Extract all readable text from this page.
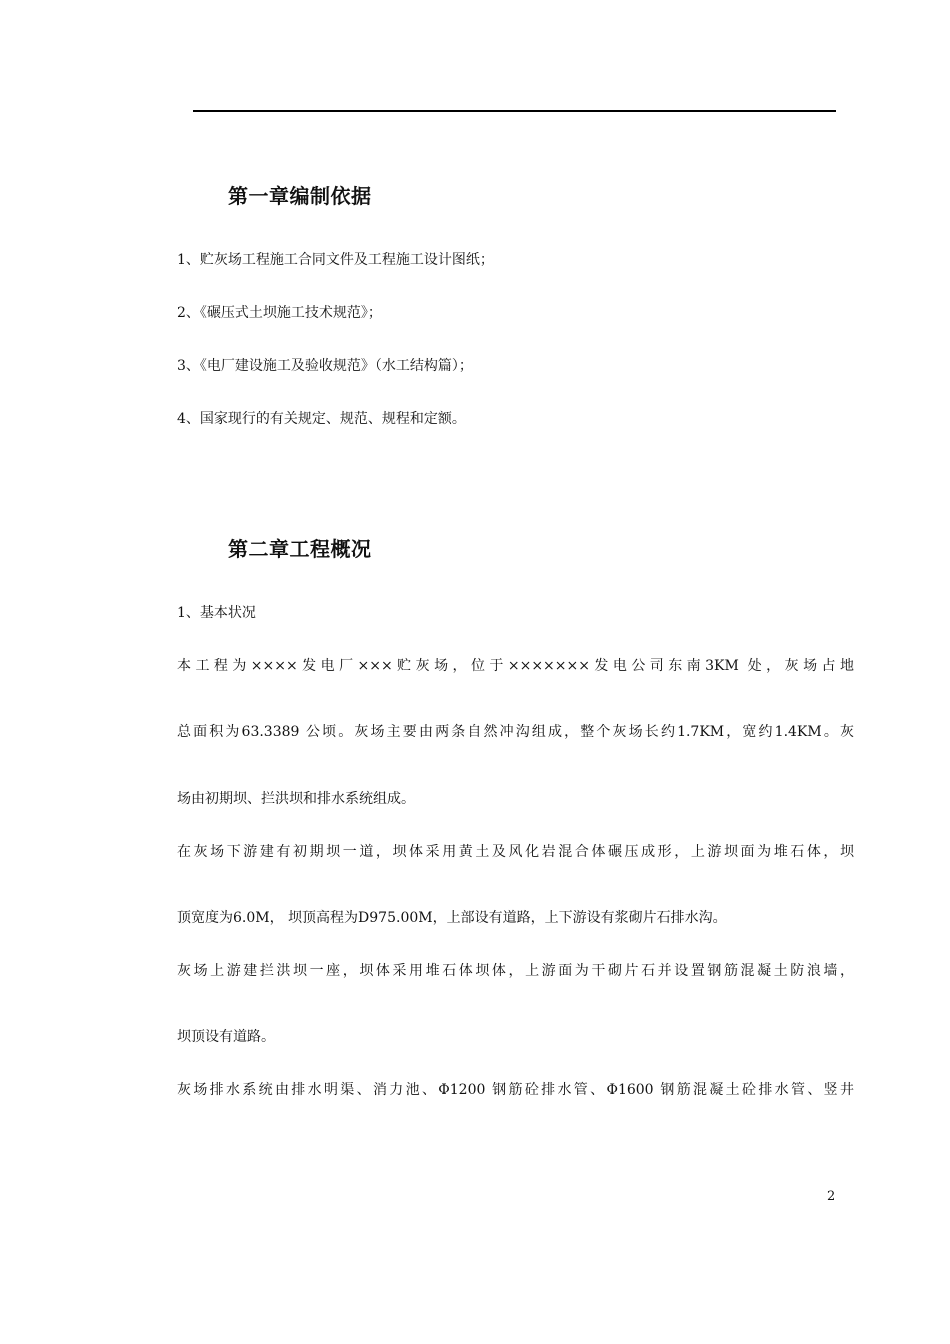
第一章编制依据
1、贮灰场工程施工合同文件及工程施工设计图纸；
2、《碾压式土坝施工技术规范》；
3、《电厂建设施工及验收规范》（水工结构篇）；
4、国家现行的有关规定、规范、规程和定额。
第二章工程概况
1、基本状况
本工程为××××发电厂×××贮灰场，位于×××××××发电公司东南3KM 处，灰场占地
总面积为63.3389 公顷。灰场主要由两条自然冲沟组成，整个灰场长约1.7KM，宽约1.4KM。灰
场由初期坝、拦洪坝和排水系统组成。
在灰场下游建有初期坝一道，坝体采用黄土及风化岩混合体碾压成形，上游坝面为堆石体，坝
顶宽度为6.0M， 坝顶高程为D975.00M，上部设有道路，上下游设有浆砌片石排水沟。
灰场上游建拦洪坝一座，坝体采用堆石体坝体，上游面为干砌片石并设置钢筋混凝土防浪墙，
坝顶设有道路。
灰场排水系统由排水明渠、消力池、Φ1200 钢筋砼排水管、Φ1600 钢筋混凝土砼排水管、竖井
2
